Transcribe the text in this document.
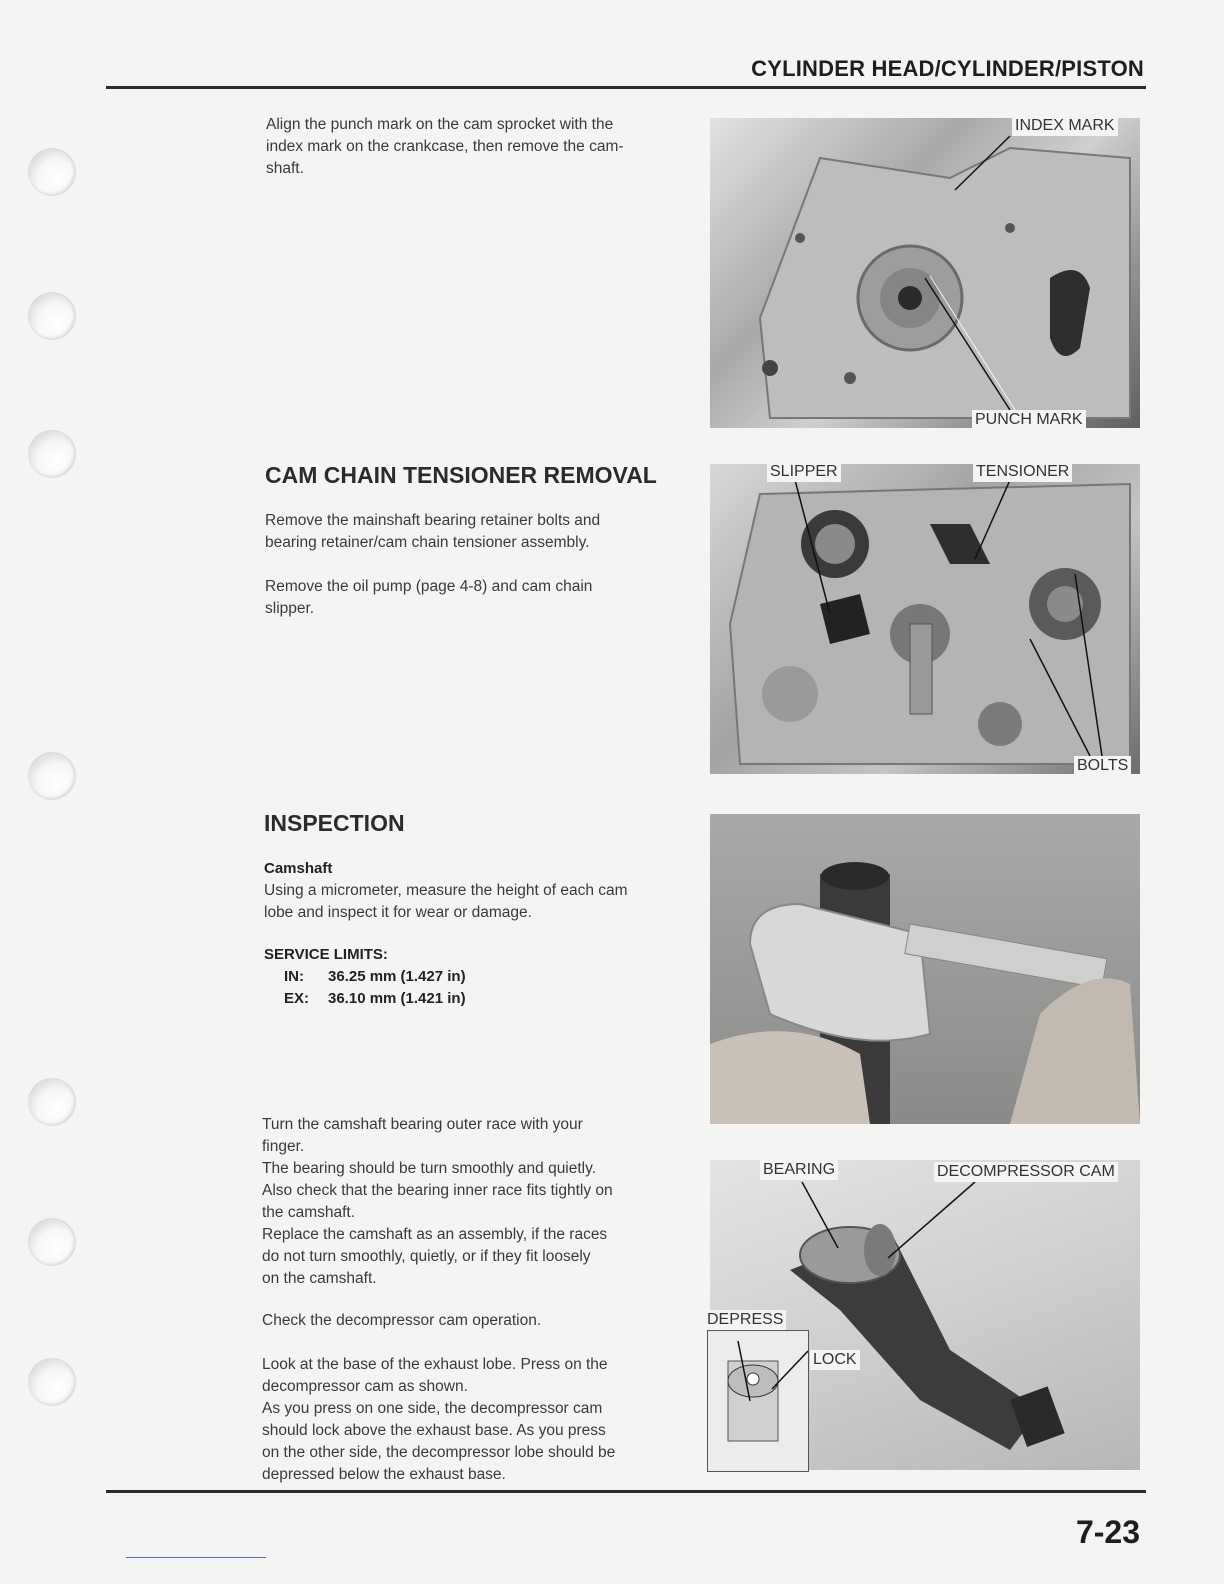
CYLINDER HEAD/CYLINDER/PISTON
Align the punch mark on the cam sprocket with the
index mark on the crankcase, then remove the cam-
shaft.
INDEX MARK
PUNCH MARK
CAM CHAIN TENSIONER REMOVAL
Remove the mainshaft bearing retainer bolts and
bearing retainer/cam chain tensioner assembly.
Remove the oil pump (page 4-8) and cam chain
slipper.
SLIPPER	TENSIONER
BOLTS
INSPECTION
Camshaft
Using a micrometer, measure the height of each cam
lobe and inspect it for wear or damage.
SERVICE LIMITS:
IN: 36.25 mm (1.427 in)
EX: 36.10 mm (1.421 in)
Turn the camshaft bearing outer race with your
finger.
The bearing should be turn smoothly and quietly.
Also check that the bearing inner race fits tightly on
the camshaft.
Replace the camshaft as an assembly, if the races
do not turn smoothly, quietly, or if they fit loosely
on the camshaft.
Check the decompressor cam operation.
Look at the base of the exhaust lobe. Press on the
decompressor cam as shown.
As you press on one side, the decompressor cam
should lock above the exhaust base. As you press
on the other side, the decompressor lobe should be
depressed below the exhaust base.
BEARING	DECOMPRESSOR CAM
DEPRESS
LOCK
7-23
